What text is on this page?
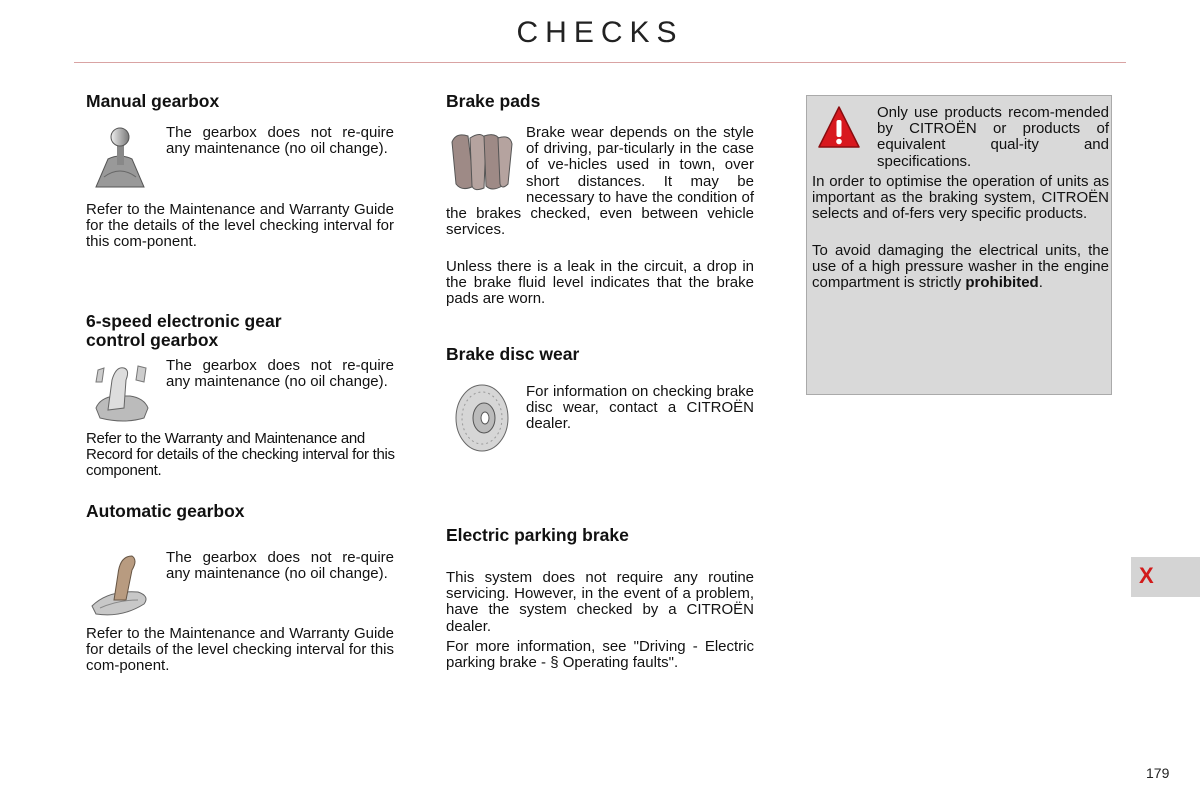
CHECKS
Manual gearbox

The gearbox does not re-quire any maintenance (no oil change).

Refer to the Maintenance and Warranty Guide for the details of the level checking interval for this com-ponent.

6-speed electronic gear
control gearbox

The gearbox does not re-quire any maintenance (no oil change).

Refer to the Warranty and Maintenance and Record for details of the checking interval for this component.

Automatic gearbox

The gearbox does not re-quire any maintenance (no oil change).

Refer to the Maintenance and Warranty Guide for details of the level checking interval for this com-ponent.

Brake pads

Brake wear depends on the style of driving, par-ticularly in the case of ve-hicles used in town, over short distances. It may be necessary to have the condition of the brakes checked, even between vehicle services.

Unless there is a leak in the circuit, a drop in the brake fluid level indicates that the brake pads are worn.

Brake disc wear

For information on checking brake disc wear, contact a CITROËN dealer.

Electric parking brake

This system does not require any routine servicing. However, in the event of a problem, have the system checked by a CITROËN dealer.

For more information, see "Driving - Electric parking brake - § Operating faults".

Only use products recom-mended by CITROËN or products of equivalent qual-ity and specifications.

In order to optimise the operation of units as important as the braking system, CITROËN selects and of-fers very specific products.

To avoid damaging the electrical units, the use of a high pressure washer in the engine compartment is strictly prohibited.

X
179
